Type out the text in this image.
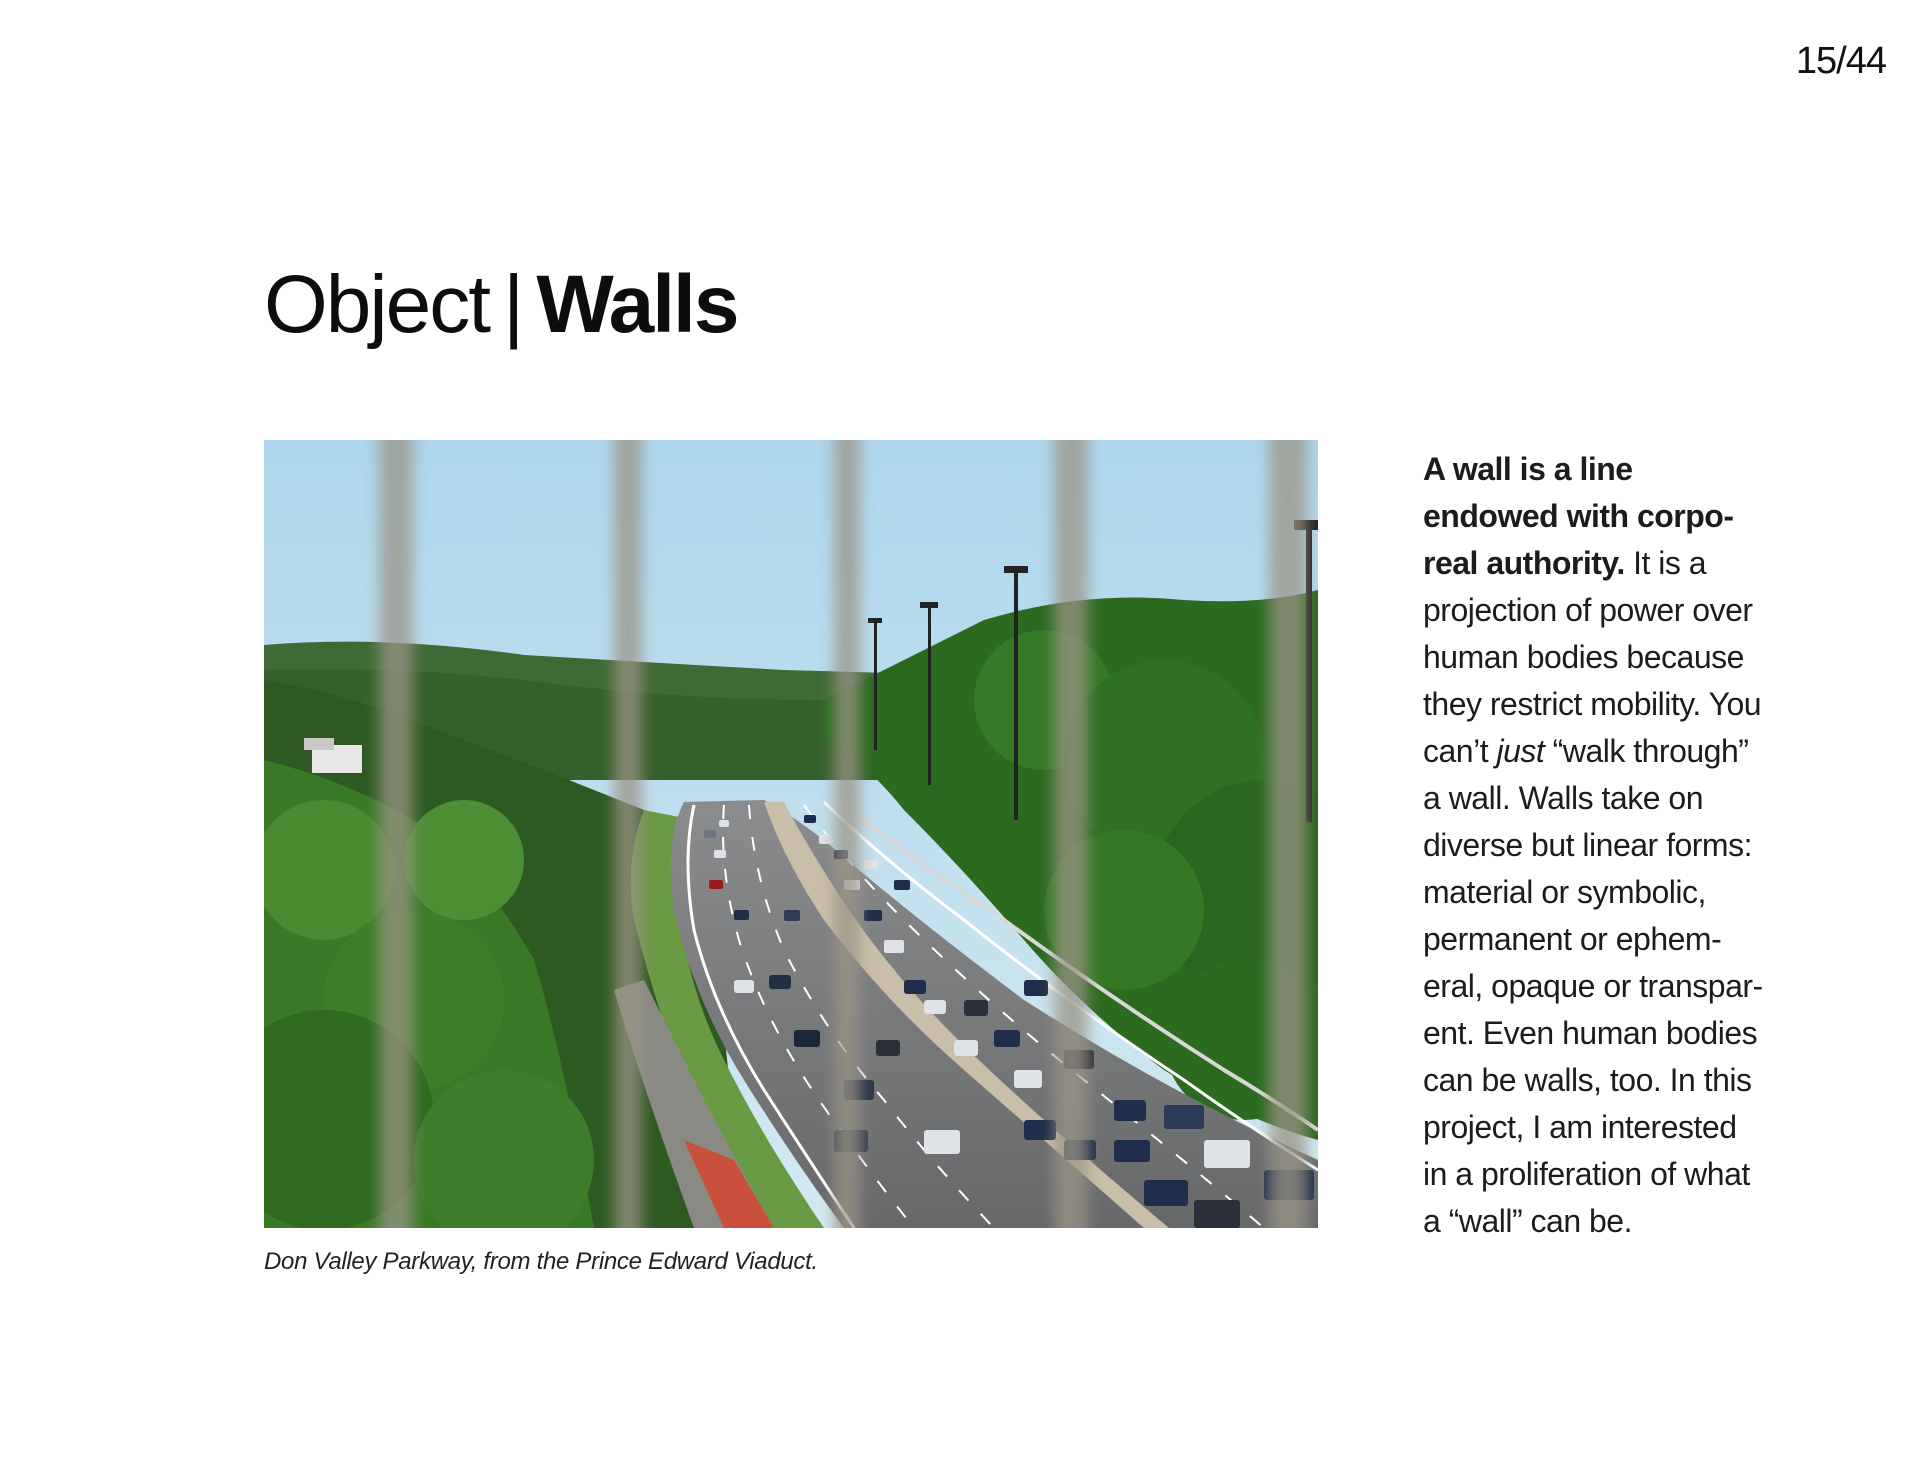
15/44
Object | Walls
Don Valley Parkway, from the Prince Edward Viaduct.
A wall is a line
endowed with corpo-
real authority. It is a
projection of power over
human bodies because
they restrict mobility. You
can’t just “walk through”
a wall. Walls take on
diverse but linear forms:
material or symbolic,
permanent or ephem-
eral, opaque or transpar-
ent. Even human bodies
can be walls, too. In this
project, I am interested
in a proliferation of what
a “wall” can be.
